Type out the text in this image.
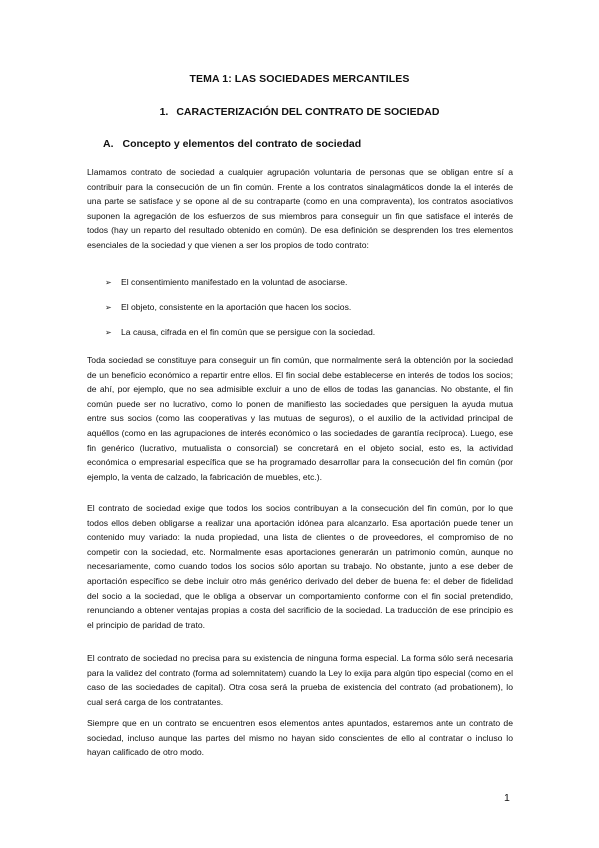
TEMA 1: LAS SOCIEDADES MERCANTILES
1. CARACTERIZACIÓN DEL CONTRATO DE SOCIEDAD
A. Concepto y elementos del contrato de sociedad

Llamamos contrato de sociedad a cualquier agrupación voluntaria de personas que se obligan entre sí a contribuir para la consecución de un fin común. Frente a los contratos sinalagmáticos donde la el interés de una parte se satisface y se opone al de su contraparte (como en una compraventa), los contratos asociativos suponen la agregación de los esfuerzos de sus miembros para conseguir un fin que satisface el interés de todos (hay un reparto del resultado obtenido en común). De esa definición se desprenden los tres elementos esenciales de la sociedad y que vienen a ser los propios de todo contrato:

➢ El consentimiento manifestado en la voluntad de asociarse.
➢ El objeto, consistente en la aportación que hacen los socios.
➢ La causa, cifrada en el fin común que se persigue con la sociedad.

Toda sociedad se constituye para conseguir un fin común, que normalmente será la obtención por la sociedad de un beneficio económico a repartir entre ellos. El fin social debe establecerse en interés de todos los socios; de ahí, por ejemplo, que no sea admisible excluir a uno de ellos de todas las ganancias. No obstante, el fin común puede ser no lucrativo, como lo ponen de manifiesto las sociedades que persiguen la ayuda mutua entre sus socios (como las cooperativas y las mutuas de seguros), o el auxilio de la actividad principal de aquéllos (como en las agrupaciones de interés económico o las sociedades de garantía recíproca). Luego, ese fin genérico (lucrativo, mutualista o consorcial) se concretará en el objeto social, esto es, la actividad económica o empresarial específica que se ha programado desarrollar para la consecución del fin común (por ejemplo, la venta de calzado, la fabricación de muebles, etc.).

El contrato de sociedad exige que todos los socios contribuyan a la consecución del fin común, por lo que todos ellos deben obligarse a realizar una aportación idónea para alcanzarlo. Esa aportación puede tener un contenido muy variado: la nuda propiedad, una lista de clientes o de proveedores, el compromiso de no competir con la sociedad, etc. Normalmente esas aportaciones generarán un patrimonio común, aunque no necesariamente, como cuando todos los socios sólo aportan su trabajo. No obstante, junto a ese deber de aportación específico se debe incluir otro más genérico derivado del deber de buena fe: el deber de fidelidad del socio a la sociedad, que le obliga a observar un comportamiento conforme con el fin social pretendido, renunciando a obtener ventajas propias a costa del sacrificio de la sociedad. La traducción de ese principio es el principio de paridad de trato.

El contrato de sociedad no precisa para su existencia de ninguna forma especial. La forma sólo será necesaria para la validez del contrato (forma ad solemnitatem) cuando la Ley lo exija para algún tipo especial (como en el caso de las sociedades de capital). Otra cosa será la prueba de existencia del contrato (ad probationem), lo cual será carga de los contratantes.

Siempre que en un contrato se encuentren esos elementos antes apuntados, estaremos ante un contrato de sociedad, incluso aunque las partes del mismo no hayan sido conscientes de ello al contratar o incluso lo hayan calificado de otro modo.

1
